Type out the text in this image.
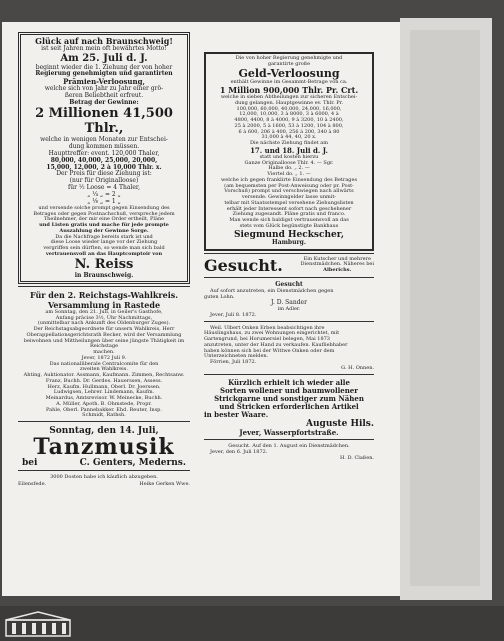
Glück auf nach Braunschweig!
ist seit Jahren mein oft bewährtes Motto!
Am 25. Juli d. J.
beginnt wieder die 1. Ziehung der von hoher
Regierung genehmigten und garantirten
Prämien-Verloosung,
welche sich von Jahr zu Jahr einer grö-
ßeren Beliebtheit erfreut.
Betrag der Gewinne:
2 Millionen 41,500 Thlr.,
welche in wenigen Monaten zur Entschei-
dung kommen müssen.
Haupttreffer: event. 120,000 Thaler,
80,000, 40,000, 25,000, 20,000,
15,000, 12,000, 2 à 10,000 Thlr. x.
Der Preis für diese Ziehung ist:
(nur für Originalloose)
für ½ Loose = 4 Thaler,
„ ¼ „ = 2 „
„ ⅛ „ = 1 „
und versende solche prompt gegen Einsendung des
Betrages oder gegen Postnachschuß, verspreche jedem
Theilnehmer, der mir eine Order ertheilt, Pläne
und Listen gratis und mache für jede prompte
Auszahlung der Gewinne Sorge.
Da die Nachfrage bereits stark ist und
diese Loose wieder lange vor der Ziehung
vergriffen sein dürften, so wende man sich bald
vertrauensvoll an das Hauptcomptoir von
N. Reiss
in Braunschweig.
Für den 2. Reichstags-Wahlkreis.
Versammlung in Rastede
am Sonntag, den 21. Juli, in Geiler's Gasthofe,
Anfang präcise 3½, Uhr Nachmittags,
(unmittelbar nach Ankunft des Oldenburger Zuges).
Der Reichstagsabgeordnete für unsern Wahlkreis, Herr
Oberappellationsgerichtsrath Becker, wird der Versammlung
beiwohnen und Mittheilungen über seine jüngste Thätigkeit im Reichstage
machen.
Jever, 1872 Juli 9.
Das nationalliberale Centralcomite für den
zweiten Wahlkreis.
Ahting, Auktionator. Assmann, Kaufmann. Zimmen, Rechtsanw.
Franz, Buchh. Dr. Gerdes. Hauerssen, Assess.
Herz, Kaufm. Hullmann, Oberl. Dr. Joerssen.
Ludwigsen, Lehrer. Lindemann, Kaufm.
Meinardus, Amtsrevisor. W. Meinecke, Buchh.
A. Müller, Apoth. B. Ohmstede, Propr.
Pahle, Oberl. Pannebakker. Ehd. Reuter, Insp.
Schmidt, Rathsh.
Sonntag, den 14. Juli,
Tanzmusik
bei	C. Genters, Mederns.
3000 Dosten habe ich käuflich abzugeben.
Eilensfede.	Heike Gerken Wwe.
Die von hoher Regierung genehmigte und
garantirte große
Geld-Verloosung
enthält Gewinne im Gesammt-Betrage von ca.
1 Million 900,000 Thlr. Pr. Crt.
welche in sieben Abtheilungen zur sicheren Entschei-
dung gelangen. Hauptgewinne ev. Thlr. Pr.
100,000, 60,000, 40,000, 24,000, 16,000,
12,000, 10,000, 3 à 8000, 3 à 6000, 4 à
4800, 4400, 8 à 4000, 9 à 3200, 10 à 2400,
25 à 2000, 5 à 1600, 53 à 1200, 104 à 800,
6 à 600, 206 à 400, 256 à 200, 340 à 80
31,000 à 44, 40, 20 x.
Die nächste Ziehung findet am
17. und 18. Juli d. J.
statt und kosten hierzu
Ganze Originalloose Thlr. 4. — Sgr.
Halbe do. „ 2. —
Viertel do. „ 1. —
welche ich gegen franklirte Einsendung des Betrages
(am bequemsten per Post-Anweisung oder pr. Post-
Vorschuß) prompt und verschwiegen nach allwärts
versende. Gewinngelder lasse unmit-
telbar mit Staatsstempel versehene Ziehungslisten
erhält jeder Interessent sofort nach geschehener
Ziehung zugesandt. Pläne gratis und franco.
Man wende sich baldigst vertrauensvoll an das
stets vom Glück begünstigte Bankhaus
Siegmund Heckscher,
Hamburg.
Gesucht.	Ein Kutscher und mehrere
Dienstmädchen. Näheres bei
Alberichs.
Gesucht
Auf sofort anzutreten, ein Dienstmädchen gegen
guten Lohn.
J. D. Sander
im Adler.
Jever, Juli 8. 1872.
Weil. Ulbert Onken Erben beabsichtigen ihre
Häuslingshaus, zu zwei Wohnungen eingerichtet, mit
Gartengrund, bei Horumersiel belegen, Mai 1873
anzutreten, unter der Hand zu verkaufen. Kaufliebhaber
haben können sich bei der Wittwe Onken oder dem
Unterzeichneten melden.
Förrien, Juli 1872.
G. H. Onnen.
Kürzlich erhielt ich wieder alle
Sorten wollener und baumwollener
Strickgarne und sonstiger zum Nähen
und Stricken erforderlichen Artikel
in bester Waare.
Auguste Hils.
Jever, Wasserpfortstraße.
Gesucht. Auf den 1. August ein Dienstmädchen.
Jever, den 6. Juli 1872.
H. D. Claßen.
